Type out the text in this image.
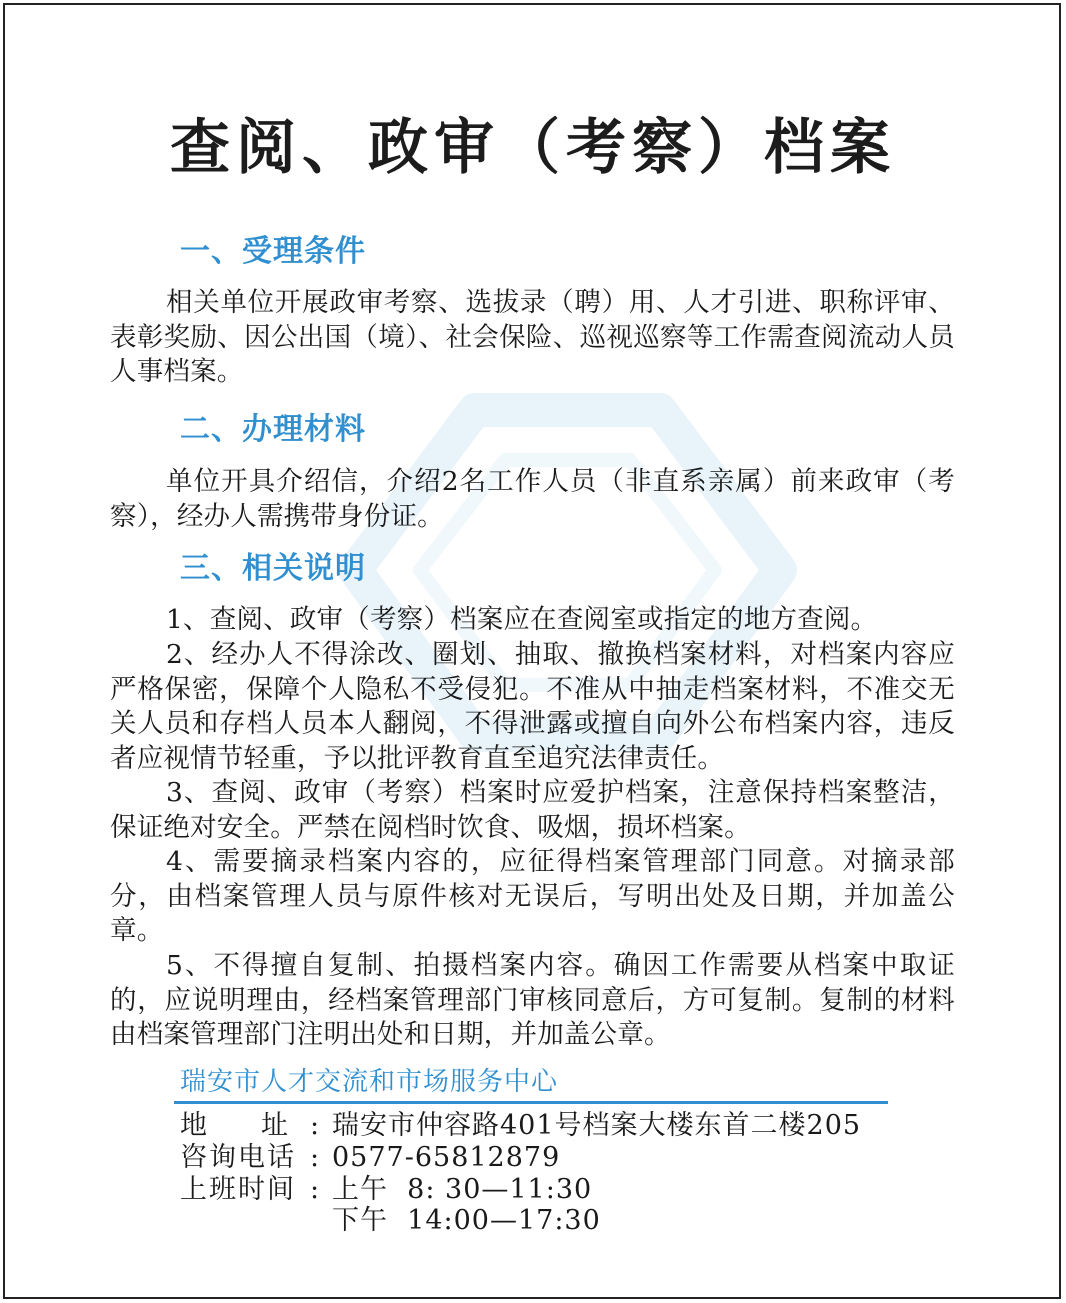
查阅、政审（考察）档案
一、受理条件

相关单位开展政审考察、选拔录（聘）用、人才引进、职称评审、表彰奖励、因公出国（境）、社会保险、巡视巡察等工作需查阅流动人员人事档案。

二、办理材料

单位开具介绍信，介绍2名工作人员（非直系亲属）前来政审（考察），经办人需携带身份证。

三、相关说明

1、查阅、政审（考察）档案应在查阅室或指定的地方查阅。

2、经办人不得涂改、圈划、抽取、撤换档案材料，对档案内容应严格保密，保障个人隐私不受侵犯。不准从中抽走档案材料，不准交无关人员和存档人员本人翻阅，不得泄露或擅自向外公布档案内容，违反者应视情节轻重，予以批评教育直至追究法律责任。

3、查阅、政审（考察）档案时应爱护档案，注意保持档案整洁，保证绝对安全。严禁在阅档时饮食、吸烟，损坏档案。

4、需要摘录档案内容的，应征得档案管理部门同意。对摘录部分，由档案管理人员与原件核对无误后，写明出处及日期，并加盖公章。

5、不得擅自复制、拍摄档案内容。确因工作需要从档案中取证的，应说明理由，经档案管理部门审核同意后，方可复制。复制的材料由档案管理部门注明出处和日期，并加盖公章。

瑞安市人才交流和市场服务中心
地　　址 : 瑞安市仲容路401号档案大楼东首二楼205
咨询电话 : 0577-65812879
上班时间 : 上午  8: 30—11:30
下午  14:00—17:30
